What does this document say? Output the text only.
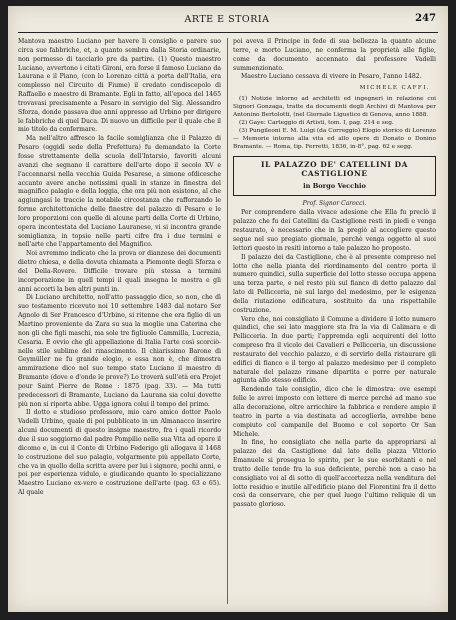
ARTE E STORIA	247

Mantova maestro Luciano per havere li consiglio e parere suo circa sue fabbriche, et, a quanto sembra dalla Storia ordinarie, non permesso di tacciarlo pre da partire. (1) Questo maestro Luciano, avvertono i citati Gironi, era forse il famoso Luciano da Laurana e il Piano, (con lo Lorenzo città a porta dell'Italia, era complesso nel Circuito di Fiume) il credato condiscepolo di Raffaello e maestro di Bramante. Egli in fatto, all'epoca del 1465 trovavasi precisamente a Pesaro in servigio del Sig. Alessandro Sforza, donde passava due anni appresso ad Urbino per dirigere le fabbriche di quel Duca. Di nuovo un difficile per il quale che il mio titolo da confermare.

Ma nell'altro affresco la facile somiglianza che il Palazzo di Pesaro (oggidì sede della Prefettura) fu demandato la Corte fosse strettamente della scuola dell'Intarsio, favoriti alcuni avanzi che segnano il carattere dell'arte dopo il secolo XV e l'accennarsi nella vecchia Guida Pesarese, a simone ofdicesche accanto avere anche notissimi quali in stanze in finestra del magnifico palagio e della loggia, che ora più non esistono, al che aggiungasi le traccie la notabile circostanza che rafforzando le forme architettoniche delle finestre del palazzo di Pesaro e le loro proporzioni con quelle di alcune parti della Corte di Urbino, opera incontestata del Luciano Lauranese, vi si incontra grande somiglianza, in topsie nelle parti cifre fra i due termini e nell'arte che l'appartamento del Magnifico.

Noi avremmo indicato che la prova or dianzese dei documenti dietro chiesa, e della dovuta chiamata a Piemonte degli Sforza e del Della-Rovere. Difficile trovare più stessa a termini incorporazione in quell tempi il quali insegna le mostra e gli anni accorti la ben altri punti in.

Di Luciano architetto, noll'atto passaggio dice, so non, che dì suo testamento ricevuto noi 10 settembre 1483 dal notaro Ser Agnolo di Ser Francesco d'Urbino, si ritenne che era figlio di un Martino proveniente da Zara su sua la moglie una Caterina che non gli che figli maschi, ma sole tre figliuole Cammilla, Lucrezia, Cesaria. E ovvio che gli appellazione di Italia l'arte così scorciò-nelle stile sublime del rinascimento. Il chiarissimo Barone di Geymüller ne fu grande elogio, e essa non è, che dimostra ammirazione dico nel suo tempo stato Luciano il maestro di Bramante (dove e d'onde le prove?) Lo troverà sull'età era Projet pour Saint Pierre de Rome : 1875 (pag. 33). — Ma tutti predecessori di Bramante, Luciano da Laurana sia colui dovette più non si riporta abbe. Ugga ignora colui il tempo del primo.

Il dotto e studioso professore, mio caro amico dottor Paolo Vadelli Urbino, quale di poi pubblicato in un Almanacco inserire alcuni documenti di questo insigne maestro, fra i quali ricordo due il suo soggiorno dal padre Pompilio nelle sua Vita ad opere il dicomo e, in cui il Conte di Urbino Federigo gli allogava il 1468 lo costruzione del suo palagio, volgarmente più appellato Corte, che va in quello della scritta avere per lui i signore, pochi anni, e poi per esperienza vidulo, e giudicando quanto lo specializzano Maestro Luciano ex-vero e costruzione dell'arte (pag. 63 e 65). Al quale

poi aveva il Principe in fede di sua bellezza la quanto alcune terre, e morto Luciano, ne conferma la proprietà alle figlie, come da documento accennato dal professore Vadelli summenzionato.

Maestro Luciano cessava di vivere in Pesaro, l'anno 1482.

MICHELE CAFFI.

(1) Notizie intorno ad architetti ed ingegneri in relazione coi Signori Gonzaga, tratte da documenti degli Archivi di Mantova per Antonino Bertolotti, (nel Giornale Ligustico di Genova, anno 1888.

(2) Gaye: Carteggio di Artisti, tom. I, pag. 214 e seg.

(3) Pungileoni E. M. Luigi (da Correggio) Elogio storico di Lorenzo — Memorie intorno alla vita ed allo opere di Donato o Donino Bramante. — Roma, tip. Ferretti, 1836, in-8°, pag. 62 e segg.

IL PALAZZO DE' CATELLINI DA CASTIGLIONE
in Borgo Vecchio
Prof. Signor Carocci.

Per comprendere dalla vivace adesione che Ella fu preclò il palazzo che fu dei Catellini da Castiglione resti in piedi e venga restaurato, è necessario che in la pregiò al accogliere questo segue nel suo pregiato giornale, perchè venga oggetto al suoi lettori questo in resiti intorno a tale palazzo ho proposto.

Il palazzo dei da Castiglione, che è al presente compreso nel lotto che nella pianta del riordinamento del centro porta il numero quindici, sulla superficie del lotto stesso occupa appena una terza parte, e nel resto più sul fianco di detto palazzo dal lato di Pellicceria, nè sul largo del medesimo, per le esigenza della riutazione edificatura, sostituito da una rispettabile costruzione.

Vero che, noi consigliato il Comune a dividere il lotto numero quindici, che sei lato maggiore sta fra la via di Calimara e di Pellicceria. In due parti; l'appremda egli acquirenti del lotto compreso fra il vicolo dei Cavalieri e Pellicceria, un discussione restaurato del vecchio palazzo, e di servirlo della ristaurare gli edifici di fianco e il tergo al palazzo medesimo per il completo naturale del palazzo rimane dipartita e porre per naturale agiunta allo stesso edificio.

Rendendo tale consiglio, dico che le dimostra: ove esempi felle le avrei imposto con lettere di merce perché ad mano sue alla decorazione, oltre arricchire la fabbrica e rendere ampio il teatro in parte a via destinata ad accoglierla, avrebbe bene compiuto col campanile del Buomo e col soporto Or San Michele.

In fine, ho consigliato che nella parte da appropriarsi al palazzo dei da Castiglione dal lato della piazza Vittorio Emanuele si prosegua lo spirito, per le sue esorbitanti e nel tratto delle tende fra la sua deficiente, perchè non a caso ha consigliato voi al di sotto di quell'accortezza nella venditura del lotto residuo e inutile all'edificio piano del Fiorentini fra il detto così da conservare, che per quel luogo l'ultimo reliquie di un passato glorioso.
